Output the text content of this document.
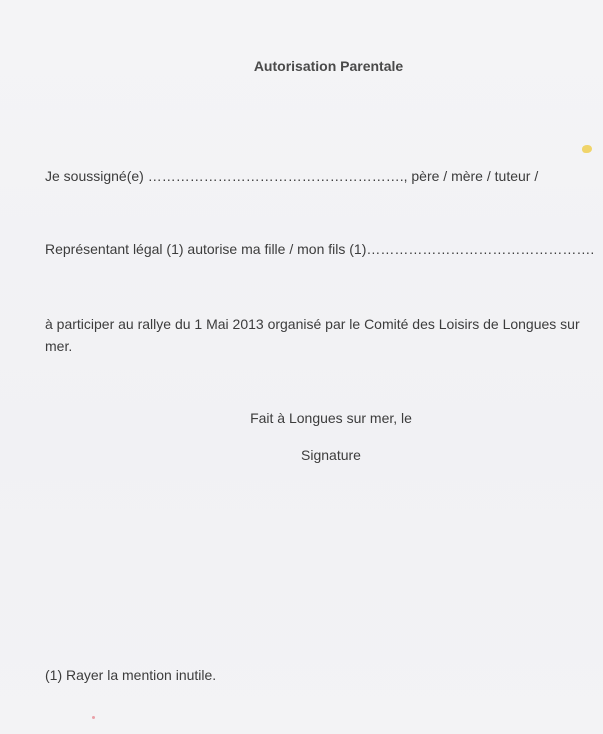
Autorisation Parentale
Je soussigné(e) ………………………………………………., père / mère / tuteur /
Représentant légal (1) autorise ma fille / mon fils (1)………………………………………….
à participer au rallye du 1 Mai 2013 organisé par le Comité des Loisirs de Longues sur mer.
Fait à Longues sur mer, le
Signature
(1) Rayer la mention inutile.
